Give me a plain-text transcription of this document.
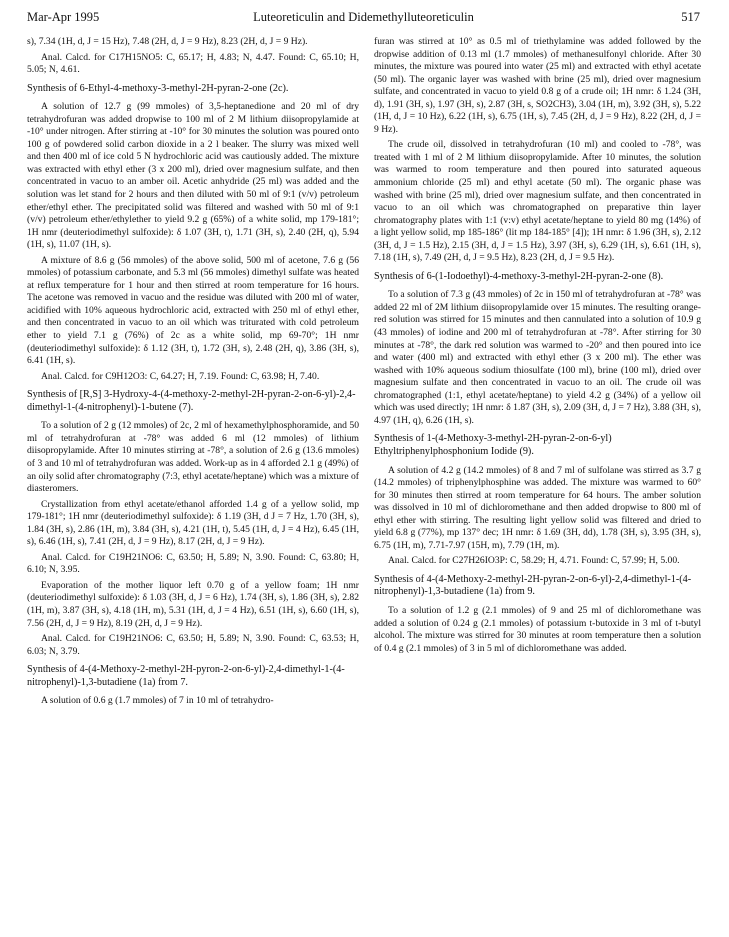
Mar-Apr 1995	Luteoreticulin and Didemethylluteoreticulin	517

s), 7.34 (1H, d, J = 15 Hz), 7.48 (2H, d, J = 9 Hz), 8.23 (2H, d, J = 9 Hz).

Anal. Calcd. for C17H15NO5: C, 65.17; H, 4.83; N, 4.47. Found: C, 65.10; H, 5.05; N, 4.61.

Synthesis of 6-Ethyl-4-methoxy-3-methyl-2H-pyran-2-one (2c).

A solution of 12.7 g (99 mmoles) of 3,5-heptanedione and 20 ml of dry tetrahydrofuran was added dropwise to 100 ml of 2 M lithium diisopropylamide at -10° under nitrogen. After stirring at -10° for 30 minutes the solution was poured onto 100 g of powdered solid carbon dioxide in a 2 l beaker. The slurry was mixed well and then 400 ml of ice cold 5 N hydrochloric acid was cautiously added. The mixture was extracted with ethyl ether (3 x 200 ml), dried over magnesium sulfate, and then concentrated in vacuo to an amber oil. Acetic anhydride (25 ml) was added and the solution was let stand for 2 hours and then diluted with 50 ml of 9:1 (v/v) petroleum ether/ethyl ether. The precipitated solid was filtered and washed with 50 ml of 9:1 (v/v) petroleum ether/ethylether to yield 9.2 g (65%) of a white solid, mp 179-181°; 1H nmr (deuteriodimethyl sulfoxide): δ 1.07 (3H, t), 1.71 (3H, s), 2.40 (2H, q), 5.94 (1H, s), 11.07 (1H, s).

A mixture of 8.6 g (56 mmoles) of the above solid, 500 ml of acetone, 7.6 g (56 mmoles) of potassium carbonate, and 5.3 ml (56 mmoles) dimethyl sulfate was heated at reflux temperature for 1 hour and then stirred at room temperature for 16 hours. The acetone was removed in vacuo and the residue was diluted with 200 ml of water, acidified with 10% aqueous hydrochloric acid, extracted with 250 ml of ethyl ether, and then concentrated in vacuo to an oil which was triturated with cold petroleum ether to yield 7.1 g (76%) of 2c as a white solid, mp 69-70°; 1H nmr (deuteriodimethyl sulfoxide): δ 1.12 (3H, t), 1.72 (3H, s), 2.48 (2H, q), 3.86 (3H, s), 6.41 (1H, s).

Anal. Calcd. for C9H12O3: C, 64.27; H, 7.19. Found: C, 63.98; H, 7.40.

Synthesis of [R,S] 3-Hydroxy-4-(4-methoxy-2-methyl-2H-pyran-2-on-6-yl)-2,4-dimethyl-1-(4-nitrophenyl)-1-butene (7).

To a solution of 2 g (12 mmoles) of 2c, 2 ml of hexamethylphosphoramide, and 50 ml of tetrahydrofuran at -78° was added 6 ml (12 mmoles) of lithium diisopropylamide. After 10 minutes stirring at -78°, a solution of 2.6 g (13.6 mmoles) of 3 and 10 ml of tetrahydrofuran was added. Work-up as in 4 afforded 2.1 g (49%) of an oily solid after chromatography (7:3, ethyl acetate/heptane) which was a mixture of diasteromers.

Crystallization from ethyl acetate/ethanol afforded 1.4 g of a yellow solid, mp 179-181°; 1H nmr (deuteriodimethyl sulfoxide): δ 1.19 (3H, d J = 7 Hz, 1.70 (3H, s), 1.84 (3H, s), 2.86 (1H, m), 3.84 (3H, s), 4.21 (1H, t), 5.45 (1H, d, J = 4 Hz), 6.45 (1H, s), 6.46 (1H, s), 7.41 (2H, d, J = 9 Hz), 8.17 (2H, d, J = 9 Hz).

Anal. Calcd. for C19H21NO6: C, 63.50; H, 5.89; N, 3.90. Found: C, 63.80; H, 6.10; N, 3.95.

Evaporation of the mother liquor left 0.70 g of a yellow foam; 1H nmr (deuteriodimethyl sulfoxide): δ 1.03 (3H, d, J = 6 Hz), 1.74 (3H, s), 1.86 (3H, s), 2.82 (1H, m), 3.87 (3H, s), 4.18 (1H, m), 5.31 (1H, d, J = 4 Hz), 6.51 (1H, s), 6.60 (1H, s), 7.56 (2H, d, J = 9 Hz), 8.19 (2H, d, J = 9 Hz).

Anal. Calcd. for C19H21NO6: C, 63.50; H, 5.89; N, 3.90. Found: C, 63.53; H, 6.03; N, 3.79.

Synthesis of 4-(4-Methoxy-2-methyl-2H-pyron-2-on-6-yl)-2,4-dimethyl-1-(4-nitrophenyl)-1,3-butadiene (1a) from 7.

A solution of 0.6 g (1.7 mmoles) of 7 in 10 ml of tetrahydro-

furan was stirred at 10° as 0.5 ml of triethylamine was added followed by the dropwise addition of 0.13 ml (1.7 mmoles) of methanesulfonyl chloride. After 30 minutes, the mixture was poured into water (25 ml) and extracted with ethyl acetate (50 ml). The organic layer was washed with brine (25 ml), dried over magnesium sulfate, and concentrated in vacuo to yield 0.8 g of a crude oil; 1H nmr: δ 1.24 (3H, d), 1.91 (3H, s), 1.97 (3H, s), 2.87 (3H, s, SO2CH3), 3.04 (1H, m), 3.92 (3H, s), 5.22 (1H, d, J = 10 Hz), 6.22 (1H, s), 6.75 (1H, s), 7.45 (2H, d, J = 9 Hz), 8.22 (2H, d, J = 9 Hz).

The crude oil, dissolved in tetrahydrofuran (10 ml) and cooled to -78°, was treated with 1 ml of 2 M lithium diisopropylamide. After 10 minutes, the solution was warmed to room temperature and then poured into saturated aqueous ammonium chloride (25 ml) and ethyl acetate (50 ml). The organic phase was washed with brine (25 ml), dried over magnesium sulfate, and then concentrated in vacuo to an oil which was chromatographed on preparative thin layer chromatography plates with 1:1 (v:v) ethyl acetate/heptane to yield 80 mg (14%) of a light yellow solid, mp 185-186° (lit mp 184-185° [4]); 1H nmr: δ 1.96 (3H, s), 2.12 (3H, d, J = 1.5 Hz), 2.15 (3H, d, J = 1.5 Hz), 3.97 (3H, s), 6.29 (1H, s), 6.61 (1H, s), 7.18 (1H, s), 7.49 (2H, d, J = 9.5 Hz), 8.23 (2H, d, J = 9.5 Hz).

Synthesis of 6-(1-Iodoethyl)-4-methoxy-3-methyl-2H-pyran-2-one (8).

To a solution of 7.3 g (43 mmoles) of 2c in 150 ml of tetrahydrofuran at -78° was added 22 ml of 2M lithium diisopropylamide over 15 minutes. The resulting orange-red solution was stirred for 15 minutes and then cannulated into a solution of 10.9 g (43 mmoles) of iodine and 200 ml of tetrahydrofuran at -78°. After stirring for 30 minutes at -78°, the dark red solution was warmed to -20° and then poured into ice and water (400 ml) and extracted with ethyl ether (3 x 200 ml). The ether was washed with 10% aqueous sodium thiosulfate (100 ml), brine (100 ml), dried over magnesium sulfate and then concentrated in vacuo to an oil. The crude oil was chromatographed (1:1, ethyl acetate/heptane) to yield 4.2 g (34%) of a yellow oil which was used directly; 1H nmr: δ 1.87 (3H, s), 2.09 (3H, d, J = 7 Hz), 3.88 (3H, s), 4.97 (1H, q), 6.26 (1H, s).

Synthesis of 1-(4-Methoxy-3-methyl-2H-pyran-2-on-6-yl) Ethyltriphenylphosphonium Iodide (9).

A solution of 4.2 g (14.2 mmoles) of 8 and 7 ml of sulfolane was stirred as 3.7 g (14.2 mmoles) of triphenylphosphine was added. The mixture was warmed to 60° for 30 minutes then stirred at room temperature for 64 hours. The amber solution was dissolved in 10 ml of dichloromethane and then added dropwise to 800 ml of ethyl ether with stirring. The resulting light yellow solid was filtered and dried to yield 6.8 g (77%), mp 137° dec; 1H nmr: δ 1.69 (3H, dd), 1.78 (3H, s), 3.95 (3H, s), 6.75 (1H, m), 7.71-7.97 (15H, m), 7.79 (1H, m).

Anal. Calcd. for C27H26IO3P: C, 58.29; H, 4.71. Found: C, 57.99; H, 5.00.

Synthesis of 4-(4-Methoxy-2-methyl-2H-pyran-2-on-6-yl)-2,4-dimethyl-1-(4-nitrophenyl)-1,3-butadiene (1a) from 9.

To a solution of 1.2 g (2.1 mmoles) of 9 and 25 ml of dichloromethane was added a solution of 0.24 g (2.1 mmoles) of potassium t-butoxide in 3 ml of t-butyl alcohol. The mixture was stirred for 30 minutes at room temperature then a solution of 0.4 g (2.1 mmoles) of 3 in 5 ml of dichloromethane was added.
